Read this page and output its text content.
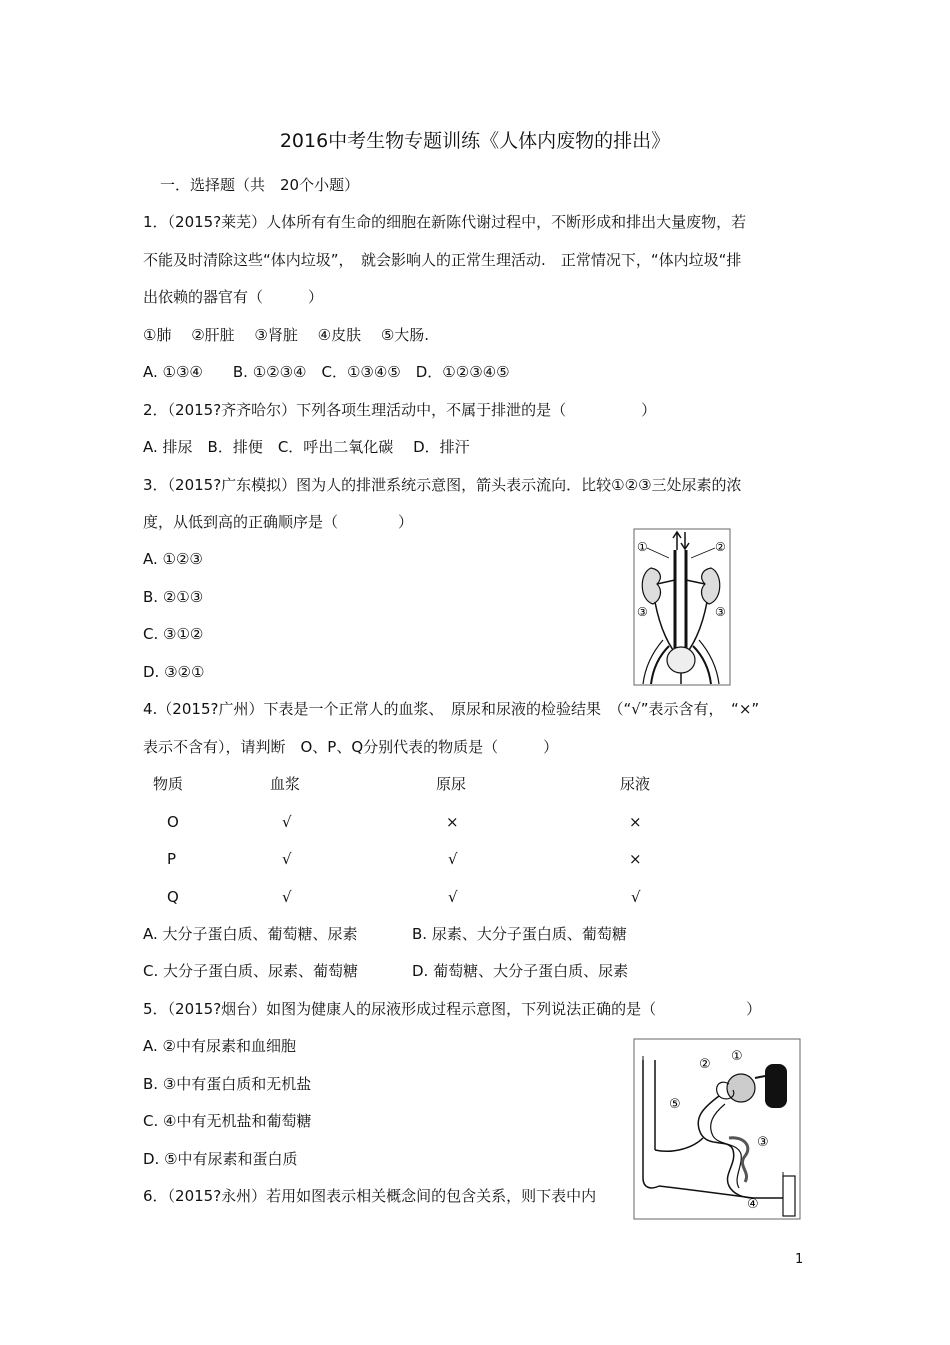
2016中考生物专题训练《人体内废物的排出》
一．选择题（共　20个小题）
1．（2015?莱芜）人体所有有生命的细胞在新陈代谢过程中，不断形成和排出大量废物，若
不能及时清除这些“体内垃圾”，　就会影响人的正常生理活动.　正常情况下，“体内垃圾“排
出依赖的器官有（　　　）
①肺　 ②肝脏　 ③肾脏　 ④皮肤　 ⑤大肠.
A. ①③④　　B. ①②③④　C．①③④⑤　D．①②③④⑤
2．（2015?齐齐哈尔）下列各项生理活动中，不属于排泄的是（　　　　　）
A. 排尿　B．排便　C．呼出二氧化碳　 D．排汗
3．（2015?广东模拟）图为人的排泄系统示意图，箭头表示流向．比较①②③三处尿素的浓
度，从低到高的正确顺序是（　　　　）
A. ①②③
B. ②①③
C. ③①②
D. ③②①
①	②
③	③
4.（2015?广州）下表是一个正常人的血浆、　原尿和尿液的检验结果　（“√”表示含有，　“×”
表示不含有），请判断　O、P、Q分别代表的物质是（　　　）
物质	血浆	原尿	尿液
O	√	×	×
P	√	√	×
Q	√	√	√
A. 大分子蛋白质、葡萄糖、尿素	B. 尿素、大分子蛋白质、葡萄糖
C. 大分子蛋白质、尿素、葡萄糖	D. 葡萄糖、大分子蛋白质、尿素
5．（2015?烟台）如图为健康人的尿液形成过程示意图，下列说法正确的是（　　　　　　）
A. ②中有尿素和血细胞
B. ③中有蛋白质和无机盐
C. ④中有无机盐和葡萄糖
D. ⑤中有尿素和蛋白质
⑤
②
①
③
④
6．（2015?永州）若用如图表示相关概念间的包含关系，则下表中内
1
